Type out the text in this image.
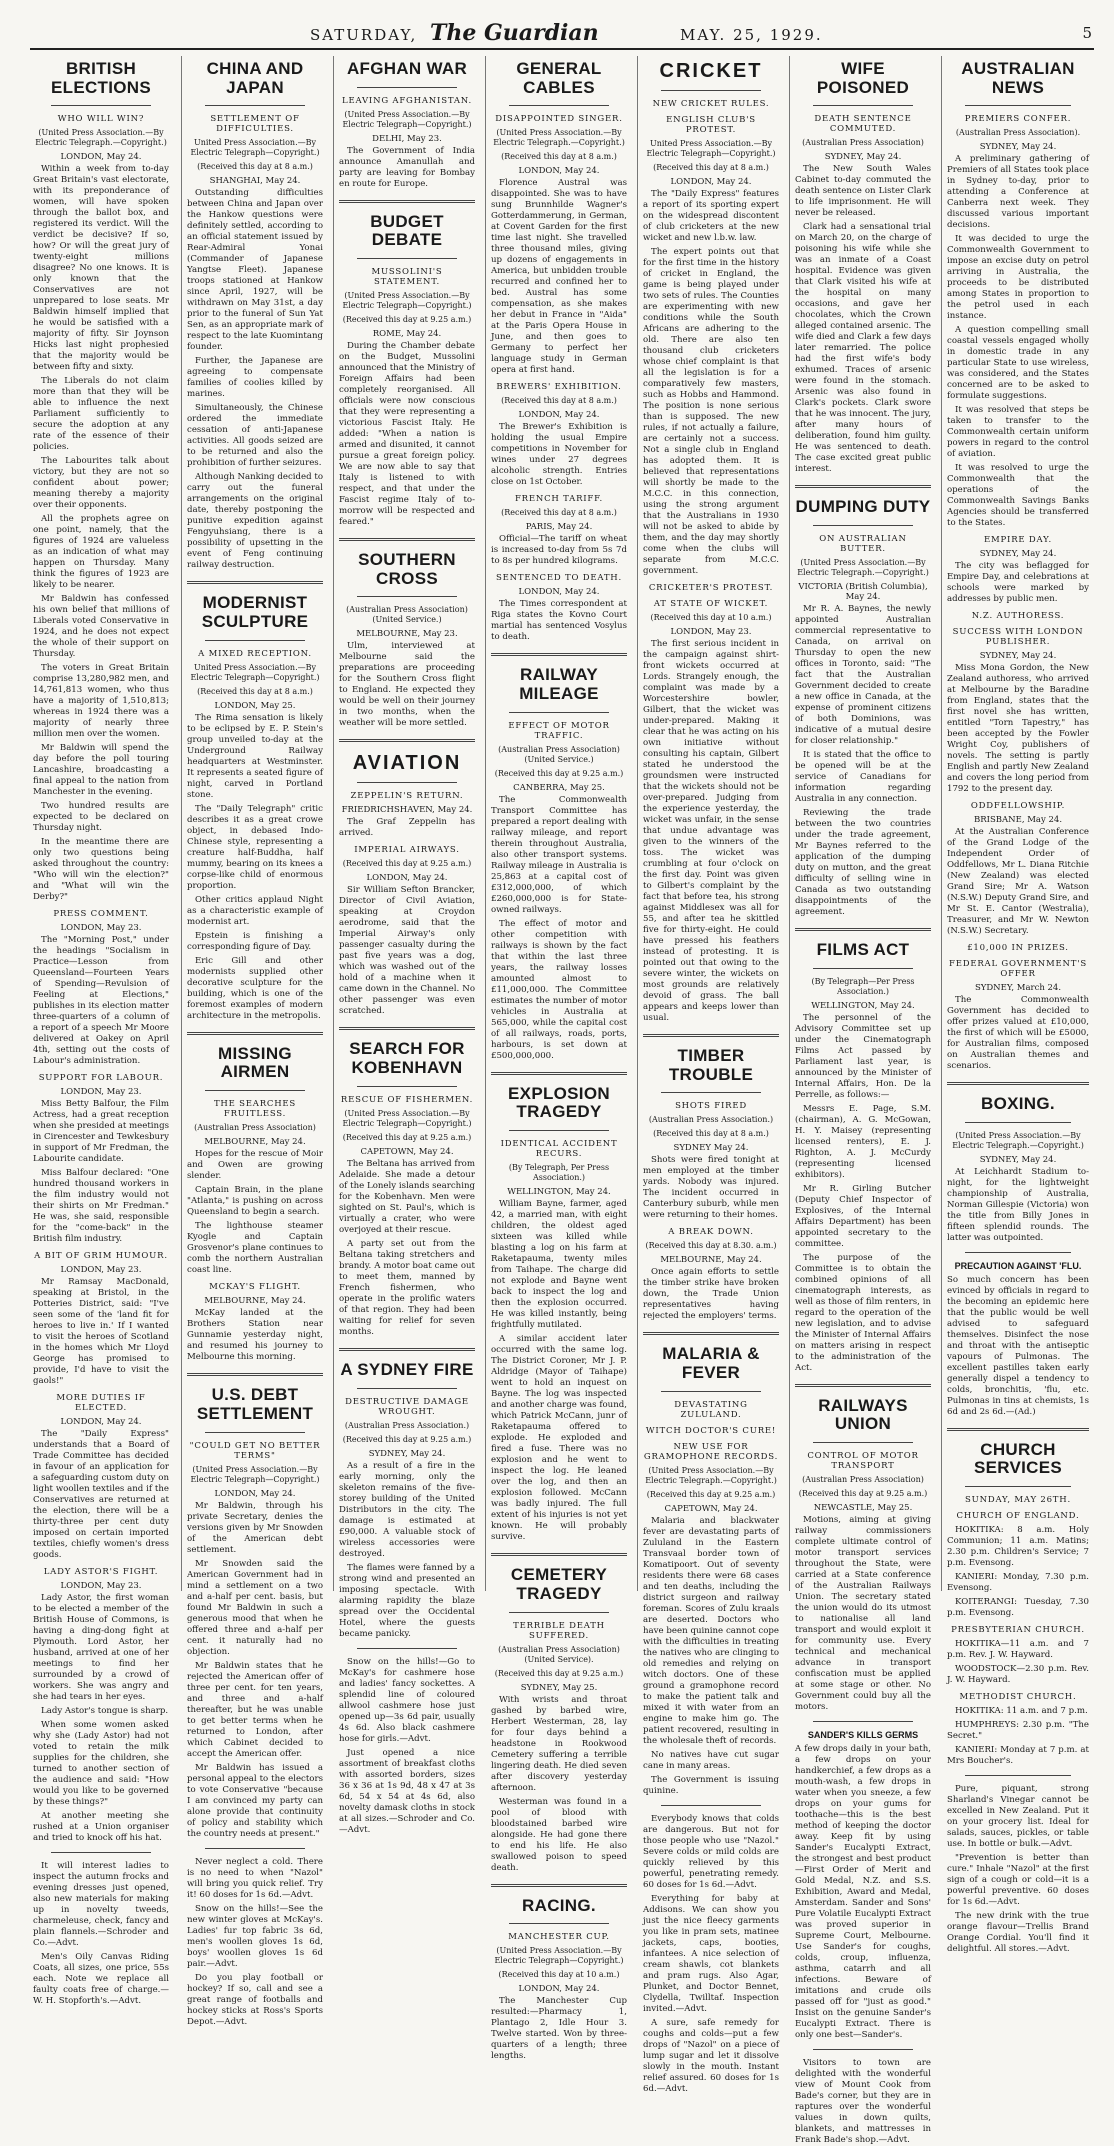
SATURDAY, The Guardian	MAY. 25, 1929.	5
BRITISH ELECTIONS
WHO WILL WIN?
(United Press Association.—By Electric Telegraph.—Copyright.)
LONDON, May 24.

Within a week from to-day Great Britain's vast electorate, with its preponderance of women, will have spoken through the ballot box, and registered its verdict. Will the verdict be decisive? If so, how? Or will the great jury of twenty-eight millions disagree? No one knows. It is only known that the Conservatives are not unprepared to lose seats. Mr Baldwin himself implied that he would be satisfied with a majority of fifty. Sir Joynson Hicks last night prophesied that the majority would be between fifty and sixty.

The Liberals do not claim more than that they will be able to influence the next Parliament sufficiently to secure the adoption at any rate of the essence of their policies.

The Labourites talk about victory, but they are not so confident about power; meaning thereby a majority over their opponents.

All the prophets agree on one point, namely, that the figures of 1924 are valueless as an indication of what may happen on Thursday. Many think the figures of 1923 are likely to be nearer.

Mr Baldwin has confessed his own belief that millions of Liberals voted Conservative in 1924, and he does not expect the whole of their support on Thursday.

The voters in Great Britain comprise 13,280,982 men, and 14,761,813 women, who thus have a majority of 1,510,813; whereas in 1924 there was a majority of nearly three million men over the women.

Mr Baldwin will spend the day before the poll touring Lancashire, broadcasting a final appeal to the nation from Manchester in the evening.

Two hundred results are expected to be declared on Thursday night.

In the meantime there are only two questions being asked throughout the country: "Who will win the election?" and "What will win the Derby?"

PRESS COMMENT.
LONDON, May 23.

The "Morning Post," under the headings "Socialism in Practice—Lesson from Queensland—Fourteen Years of Spending—Revulsion of Feeling at Elections," publishes in its election matter three-quarters of a column of a report of a speech Mr Moore delivered at Oakey on April 4th, setting out the costs of Labour's administration.

SUPPORT FOR LABOUR.
LONDON, May 23.

Miss Betty Balfour, the Film Actress, had a great reception when she presided at meetings in Cirencester and Tewkesbury in support of Mr Fredman, the Labourite candidate.

Miss Balfour declared: "One hundred thousand workers in the film industry would not their shirts on Mr Fredman." He was, she said, responsible for the "come-back" in the British film industry.

A BIT OF GRIM HUMOUR.
LONDON, May 23.

Mr Ramsay MacDonald, speaking at Bristol, in the Potteries District, said: "I've seen some of the 'land fit for heroes to live in.' If I wanted to visit the heroes of Scotland in the homes which Mr Lloyd George has promised to provide, I'd have to visit the gaols!"

MORE DUTIES IF ELECTED.
LONDON, May 24.

The "Daily Express" understands that a Board of Trade Committee has decided in favour of an application for a safeguarding custom duty on light woollen textiles and if the Conservatives are returned at the election, there will be a thirty-three per cent duty imposed on certain imported textiles, chiefly women's dress goods.

LADY ASTOR'S FIGHT.
LONDON, May 23.

Lady Astor, the first woman to be elected a member of the British House of Commons, is having a ding-dong fight at Plymouth. Lord Astor, her husband, arrived at one of her meetings to find her surrounded by a crowd of workers. She was angry and she had tears in her eyes.

Lady Astor's tongue is sharp.

When some women asked why she (Lady Astor) had not voted to retain the milk supplies for the children, she turned to another section of the audience and said: "How would you like to be governed by these things?"

At another meeting she rushed at a Union organiser and tried to knock off his hat.

It will interest ladies to inspect the autumn frocks and evening dresses just opened, also new materials for making up in novelty tweeds, charmeleuse, check, fancy and plain flannels.—Schroder and Co.—Advt.

Men's Oily Canvas Riding Coats, all sizes, one price, 55s each. Note we replace all faulty coats free of charge.—W. H. Stopforth's.—Advt.

CHINA AND JAPAN
SETTLEMENT OF DIFFICULTIES.
United Press Association.—By Electric Telegraph—Copyright.)
(Received this day at 8 a.m.)
SHANGHAI, May 24.

Outstanding difficulties between China and Japan over the Hankow questions were definitely settled, according to an official statement issued by Rear-Admiral Yonai (Commander of Japanese Yangtse Fleet). Japanese troops stationed at Hankow since April, 1927, will be withdrawn on May 31st, a day prior to the funeral of Sun Yat Sen, as an appropriate mark of respect to the late Kuomintang founder.

Further, the Japanese are agreeing to compensate families of coolies killed by marines.

Simultaneously, the Chinese ordered the immediate cessation of anti-Japanese activities. All goods seized are to be returned and also the prohibition of further seizures.

Although Nanking decided to carry out the funeral arrangements on the original date, thereby postponing the punitive expedition against Fengyuhsiang, there is a possibility of upsetting in the event of Feng continuing railway destruction.

MODERNIST SCULPTURE
A MIXED RECEPTION.
United Press Association.—By Electric Telegraph—Copyright.)
(Received this day at 8 a.m.)
LONDON, May 25.

The Rima sensation is likely to be eclipsed by E. P. Stein's group unveiled to-day at the Underground Railway headquarters at Westminster. It represents a seated figure of night, carved in Portland stone.

The "Daily Telegraph" critic describes it as a great crowe object, in debased Indo-Chinese style, representing a creature half-Buddha, half mummy, bearing on its knees a corpse-like child of enormous proportion.

Other critics applaud Night as a characteristic example of modernist art.

Epstein is finishing a corresponding figure of Day.

Eric Gill and other modernists supplied other decorative sculpture for the building, which is one of the foremost examples of modern architecture in the metropolis.

MISSING AIRMEN
THE SEARCHES FRUITLESS.
(Australian Press Association)
MELBOURNE, May 24.

Hopes for the rescue of Moir and Owen are growing slender.

Captain Brain, in the plane "Atlanta," is pushing on across Queensland to begin a search.

The lighthouse steamer Kyogle and Captain Grosvenor's plane continues to comb the northern Australian coast line.

MCKAY'S FLIGHT.
MELBOURNE, May 24.

McKay landed at the Brothers Station near Gunnamie yesterday night, and resumed his journey to Melbourne this morning.

U.S. DEBT SETTLEMENT
"COULD GET NO BETTER TERMS"
(United Press Association.—By Electric Telegraph—Copyright.)
LONDON, May 24.

Mr Baldwin, through his private Secretary, denies the versions given by Mr Snowden of the American debt settlement.

Mr Snowden said the American Government had in mind a settlement on a two and a-half per cent. basis, but found Mr Baldwin in such a generous mood that when he offered three and a-half per cent. it naturally had no objection.

Mr Baldwin states that he rejected the American offer of three per cent. for ten years, and three and a-half thereafter, but he was unable to get better terms when he returned to London, after which Cabinet decided to accept the American offer.

Mr Baldwin has issued a personal appeal to the electors to vote Conservative "because I am convinced my party can alone provide that continuity of policy and stability which the country needs at present."

Never neglect a cold. There is no need to when "Nazol" will bring you quick relief. Try it! 60 doses for 1s 6d.—Advt.

Snow on the hills!—See the new winter gloves at McKay's. Ladies' fur top fabric 3s 6d, men's woollen gloves 1s 6d, boys' woollen gloves 1s 6d pair.—Advt.

Do you play football or hockey? If so, call and see a great range of footballs and hockey sticks at Ross's Sports Depot.—Advt.

AFGHAN WAR
LEAVING AFGHANISTAN.
(United Press Association.—By Electric Telegraph—Copyright.)
DELHI, May 23.

The Government of India announce Amanullah and party are leaving for Bombay en route for Europe.

BUDGET DEBATE
MUSSOLINI'S STATEMENT.
(United Press Association.—By Electric Telegraph—Copyright.)
(Received this day at 9.25 a.m.)
ROME, May 24.

During the Chamber debate on the Budget, Mussolini announced that the Ministry of Foreign Affairs had been completely reorganised. All officials were now conscious that they were representing a victorious Fascist Italy. He added: "When a nation is armed and disunited, it cannot pursue a great foreign policy. We are now able to say that Italy is listened to with respect, and that under the Fascist regime Italy of to-morrow will be respected and feared."

SOUTHERN CROSS
(Australian Press Association) (United Service.)
MELBOURNE, May 23.

Ulm, interviewed at Melbourne said the preparations are proceeding for the Southern Cross flight to England. He expected they would be well on their journey in two months, when the weather will be more settled.

AVIATION
ZEPPELIN'S RETURN.
FRIEDRICHSHAVEN, May 24.

The Graf Zeppelin has arrived.

IMPERIAL AIRWAYS.
(Received this day at 9.25 a.m.)
LONDON, May 24.

Sir William Sefton Brancker, Director of Civil Aviation, speaking at Croydon aerodrome, said that the Imperial Airway's only passenger casualty during the past five years was a dog, which was washed out of the hold of a machine when it came down in the Channel. No other passenger was even scratched.

SEARCH FOR KOBENHAVN
RESCUE OF FISHERMEN.
(United Press Association.—By Electric Telegraph—Copyright.)
(Received this day at 9.25 a.m.)
CAPETOWN, May 24.

The Beltana has arrived from Adelaide. She made a detour of the Lonely islands searching for the Kobenhavn. Men were sighted on St. Paul's, which is virtually a crater, who were overjoyed at their rescue.

A party set out from the Beltana taking stretchers and brandy. A motor boat came out to meet them, manned by French fishermen, who operate in the prolific waters of that region. They had been waiting for relief for seven months.

A SYDNEY FIRE
DESTRUCTIVE DAMAGE WROUGHT.
(Australian Press Association.)
(Received this day at 9.25 a.m.)
SYDNEY, May 24.

As a result of a fire in the early morning, only the skeleton remains of the five-storey building of the United Distributors in the city. The damage is estimated at £90,000. A valuable stock of wireless accessories were destroyed.

The flames were fanned by a strong wind and presented an imposing spectacle. With alarming rapidity the blaze spread over the Occidental Hotel, where the guests became panicky.

Snow on the hills!—Go to McKay's for cashmere hose and ladies' fancy sockettes. A splendid line of coloured allwool cashmere hose just opened up—3s 6d pair, usually 4s 6d. Also black cashmere hose for girls.—Advt.

Just opened a nice assortment of breakfast cloths with assorted borders, sizes 36 x 36 at 1s 9d, 48 x 47 at 3s 6d, 54 x 54 at 4s 6d, also novelty damask cloths in stock at all sizes.—Schroder and Co.—Advt.

GENERAL CABLES
DISAPPOINTED SINGER.
(United Press Association.—By Electric Telegraph.—Copyright.)
(Received this day at 8 a.m.)
LONDON, May 24.

Florence Austral was disappointed. She was to have sung Brunnhilde Wagner's Gotterdammerung, in German, at Covent Garden for the first time last night. She travelled three thousand miles, giving up dozens of engagements in America, but unbidden trouble recurred and confined her to bed. Austral has some compensation, as she makes her debut in France in "Aida" at the Paris Opera House in June, and then goes to Germany to perfect her language study in German opera at first hand.

BREWERS' EXHIBITION.
(Received this day at 8 a.m.)
LONDON, May 24.

The Brewer's Exhibition is holding the usual Empire competitions in November for wines under 27 degrees alcoholic strength. Entries close on 1st October.

FRENCH TARIFF.
(Received this day at 8 a.m.)
PARIS, May 24.

Official—The tariff on wheat is increased to-day from 5s 7d to 8s per hundred kilograms.

SENTENCED TO DEATH.
LONDON, May 24.

The Times correspondent at Riga states the Kovno Court martial has sentenced Vosylus to death.

RAILWAY MILEAGE
EFFECT OF MOTOR TRAFFIC.
(Australian Press Association) (United Service.)
(Received this day at 9.25 a.m.)
CANBERRA, May 25.

The Commonwealth Transport Committee has prepared a report dealing with railway mileage, and report therein throughout Australia, also other transport systems. Railway mileage in Australia is 25,863 at a capital cost of £312,000,000, of which £260,000,000 is for State-owned railways.

The effect of motor and other competition with railways is shown by the fact that within the last three years, the railway losses amounted almost to £11,000,000. The Committee estimates the number of motor vehicles in Australia at 565,000, while the capital cost of all railways, roads, ports, harbours, is set down at £500,000,000.

EXPLOSION TRAGEDY
IDENTICAL ACCIDENT RECURS.
(By Telegraph, Per Press Association.)
WELLINGTON, May 24.

William Bayne, farmer, aged 42, a married man, with eight children, the oldest aged sixteen was killed while blasting a log on his farm at Raketapauma, twenty miles from Taihape. The charge did not explode and Bayne went back to inspect the log and then the explosion occurred. He was killed instantly, being frightfully mutilated.

A similar accident later occurred with the same log. The District Coroner, Mr J. P. Aldridge (Mayor of Taihape) went to hold an inquest on Bayne. The log was inspected and another charge was found, which Patrick McCann, junr of Raketapauma offered to explode. He exploded and fired a fuse. There was no explosion and he went to inspect the log. He leaned over the log, and then an explosion followed. McCann was badly injured. The full extent of his injuries is not yet known. He will probably survive.

CEMETERY TRAGEDY
TERRIBLE DEATH SUFFERED.
(Australian Press Association) (United Service).
(Received this day at 9.25 a.m.)
SYDNEY, May 25.

With wrists and throat gashed by barbed wire, Herbert Westerman, 28, lay for four days behind a headstone in Rookwood Cemetery suffering a terrible lingering death. He died seven after discovery yesterday afternoon.

Westerman was found in a pool of blood with bloodstained barbed wire alongside. He had gone there to end his life. He also swallowed poison to speed death.

RACING.
MANCHESTER CUP.
(United Press Association.—By Electric Telegraph—Copyright.)
(Received this day at 10 a.m.)
LONDON, May 24.

The Manchester Cup resulted:—Pharmacy 1, Plantago 2, Idle Hour 3. Twelve started. Won by three-quarters of a length; three lengths.

CRICKET
NEW CRICKET RULES.
ENGLISH CLUB'S PROTEST.
United Press Association.—By Electric Telegraph—Copyright.)
(Received this day at 8 a.m.)
LONDON, May 24.

The "Daily Express" features a report of its sporting expert on the widespread discontent of club cricketers at the new wicket and new l.b.w. law.

The expert points out that for the first time in the history of cricket in England, the game is being played under two sets of rules. The Counties are experimenting with new conditions while the South Africans are adhering to the old. There are also ten thousand club cricketers whose chief complaint is that all the legislation is for a comparatively few masters, such as Hobbs and Hammond. The position is none serious than is supposed. The new rules, if not actually a failure, are certainly not a success. Not a single club in England has adopted them. It is believed that representations will shortly be made to the M.C.C. in this connection, using the strong argument that the Australians in 1930 will not be asked to abide by them, and the day may shortly come when the clubs will separate from M.C.C. government.

CRICKETER'S PROTEST.
AT STATE OF WICKET.
(Received this day at 10 a.m.)
LONDON, May 23.

The first serious incident in the campaign against shirt-front wickets occurred at Lords. Strangely enough, the complaint was made by a Worcestershire bowler, Gilbert, that the wicket was under-prepared. Making it clear that he was acting on his own initiative without consulting his captain, Gilbert stated he understood the groundsmen were instructed that the wickets should not be over-prepared. Judging from the experience yesterday, the wicket was unfair, in the sense that undue advantage was given to the winners of the toss. The wicket was crumbling at four o'clock on the first day. Point was given to Gilbert's complaint by the fact that before tea, his strong against Middlesex was all for 55, and after tea he skittled five for thirty-eight. He could have pressed his feathers instead of protesting. It is pointed out that owing to the severe winter, the wickets on most grounds are relatively devoid of grass. The ball appears and keeps lower than usual.

TIMBER TROUBLE
SHOTS FIRED
(Australian Press Association.)
(Received this day at 8 a.m.)
SYDNEY May 24.

Shots were fired tonight at men employed at the timber yards. Nobody was injured. The incident occurred in Canterbury suburb, while men were returning to their homes.

A BREAK DOWN.
(Received this day at 8.30. a.m.)
MELBOURNE, May 24.

Once again efforts to settle the timber strike have broken down, the Trade Union representatives having rejected the employers' terms.

MALARIA & FEVER
DEVASTATING ZULULAND.
WITCH DOCTOR'S CURE!
NEW USE FOR GRAMOPHONE RECORDS.
(United Press Association.—By Electric Telegraph.—Copyright.)
(Received this day at 9.25 a.m.)
CAPETOWN, May 24.

Malaria and blackwater fever are devastating parts of Zululand in the Eastern Transvaal border town of Komatipoort. Out of seventy residents there were 68 cases and ten deaths, including the district surgeon and railway foreman. Scores of Zulu kraals are deserted. Doctors who have been quinine cannot cope with the difficulties in treating the natives who are clinging to old remedies and relying on witch doctors. One of these ground a gramophone record to make the patient talk and mixed it with water from an engine to make him go. The patient recovered, resulting in the wholesale theft of records.

No natives have cut sugar cane in many areas.

The Government is issuing quinine.

Everybody knows that colds are dangerous. But not for those people who use "Nazol." Severe colds or mild colds are quickly relieved by this powerful, penetrating remedy. 60 doses for 1s 6d.—Advt.

Everything for baby at Addisons. We can show you just the nice fleecy garments you like in pram sets, matinee jackets, caps, booties, infantees. A nice selection of cream shawls, cot blankets and pram rugs. Also Agar, Plunket, and Doctor Bennet, Clydella, Twilltaf. Inspection invited.—Advt.

A sure, safe remedy for coughs and colds—put a few drops of "Nazol" on a piece of lump sugar and let it dissolve slowly in the mouth. Instant relief assured. 60 doses for 1s 6d.—Advt.

WIFE POISONED
DEATH SENTENCE COMMUTED.
(Australian Press Association)
SYDNEY, May 24.

The New South Wales Cabinet to-day commuted the death sentence on Lister Clark to life imprisonment. He will never be released.

Clark had a sensational trial on March 20, on the charge of poisoning his wife while she was an inmate of a Coast hospital. Evidence was given that Clark visited his wife at the hospital on many occasions, and gave her chocolates, which the Crown alleged contained arsenic. The wife died and Clark a few days later remarried. The police had the first wife's body exhumed. Traces of arsenic were found in the stomach. Arsenic was also found in Clark's pockets. Clark swore that he was innocent. The jury, after many hours of deliberation, found him guilty. He was sentenced to death. The case excited great public interest.

DUMPING DUTY
ON AUSTRALIAN BUTTER.
(United Press Association.—By Electric Telegraph.—Copyright.)
VICTORIA (British Columbia), May 24.

Mr R. A. Baynes, the newly appointed Australian commercial representative to Canada, on arrival on Thursday to open the new offices in Toronto, said: "The fact that the Australian Government decided to create a new office in Canada, at the expense of prominent citizens of both Dominions, was indicative of a mutual desire for closer relationship."

It is stated that the office to be opened will be at the service of Canadians for information regarding Australia in any connection.

Reviewing the trade between the two countries under the trade agreement, Mr Baynes referred to the application of the dumping duty on mutton, and the great difficulty of selling wine in Canada as two outstanding disappointments of the agreement.

FILMS ACT
(By Telegraph—Per Press Association.)
WELLINGTON, May 24.

The personnel of the Advisory Committee set up under the Cinematograph Films Act passed by Parliament last year, is announced by the Minister of Internal Affairs, Hon. De la Perrelle, as follows:—

Messrs E. Page, S.M. (chairman), A. G. McGowan, H. Y. Maisey (representing licensed renters), E. J. Righton, A. J. McCurdy (representing licensed exhibitors).

Mr R. Girling Butcher (Deputy Chief Inspector of Explosives, of the Internal Affairs Department) has been appointed secretary to the committee.

The purpose of the Committee is to obtain the combined opinions of all cinematograph interests, as well as those of film renters, in regard to the operation of the new legislation, and to advise the Minister of Internal Affairs on matters arising in respect to the administration of the Act.

RAILWAYS UNION
CONTROL OF MOTOR TRANSPORT
(Australian Press Association)
(Received this day at 9.25 a.m.)
NEWCASTLE, May 25.

Motions, aiming at giving railway commissioners complete ultimate control of motor transport services throughout the State, were carried at a State conference of the Australian Railways Union. The secretary stated the union would do its utmost to nationalise all land transport and would exploit it for community use. Every technical and mechanical advance in transport confiscation must be applied at some stage or other. No Government could buy all the motors.

SANDER'S KILLS GERMS
A few drops daily in your bath, a few drops on your handkerchief, a few drops as a mouth-wash, a few drops in water when you sneeze, a few drops on your gums for toothache—this is the best method of keeping the doctor away. Keep fit by using Sander's Eucalypti Extract, the strongest and best product—First Order of Merit and Gold Medal, N.Z. and S.S. Exhibition, Award and Medal, Amsterdam. Sander and Sons' Pure Volatile Eucalypti Extract was proved superior in Supreme Court, Melbourne. Use Sander's for coughs, colds, croup, influenza, asthma, catarrh and all infections. Beware of imitations and crude oils passed off for "just as good." Insist on the genuine Sander's Eucalypti Extract. There is only one best—Sander's.

Visitors to town are delighted with the wonderful view of Mount Cook from Bade's corner, but they are in raptures over the wonderful values in down quilts, blankets, and mattresses in Frank Bade's shop.—Advt.

AUSTRALIAN NEWS
PREMIERS CONFER.
(Australian Press Association).
SYDNEY, May 24.

A preliminary gathering of Premiers of all States took place in Sydney to-day, prior to attending a Conference at Canberra next week. They discussed various important decisions.

It was decided to urge the Commonwealth Government to impose an excise duty on petrol arriving in Australia, the proceeds to be distributed among States in proportion to the petrol used in each instance.

A question compelling small coastal vessels engaged wholly in domestic trade in any particular State to use wireless, was considered, and the States concerned are to be asked to formulate suggestions.

It was resolved that steps be taken to transfer to the Commonwealth certain uniform powers in regard to the control of aviation.

It was resolved to urge the Commonwealth that the operations of the Commonwealth Savings Banks Agencies should be transferred to the States.

EMPIRE DAY.
SYDNEY, May 24.

The city was beflagged for Empire Day, and celebrations at schools were marked by addresses by public men.

N.Z. AUTHORESS.
SUCCESS WITH LONDON PUBLISHER.
SYDNEY, May 24.

Miss Mona Gordon, the New Zealand authoress, who arrived at Melbourne by the Baradine from England, states that the first novel she has written, entitled "Torn Tapestry," has been accepted by the Fowler Wright Coy, publishers of novels. The setting is partly English and partly New Zealand and covers the long period from 1792 to the present day.

ODDFELLOWSHIP.
BRISBANE, May 24.

At the Australian Conference of the Grand Lodge of the Independent Order of Oddfellows, Mr L. Diana Ritchie (New Zealand) was elected Grand Sire; Mr A. Watson (N.S.W.) Deputy Grand Sire, and Mr St. E. Cantor (Westralia), Treasurer, and Mr W. Newton (N.S.W.) Secretary.

£10,000 IN PRIZES.
FEDERAL GOVERNMENT'S OFFER
SYDNEY, March 24.

The Commonwealth Government has decided to offer prizes valued at £10,000, the first of which will be £5000, for Australian films, composed on Australian themes and scenarios.

BOXING.
(United Press Association.—By Electric Telegraph.—Copyright.)
SYDNEY, May 24.

At Leichhardt Stadium to-night, for the lightweight championship of Australia, Norman Gillespie (Victoria) won the title from Billy Jones in fifteen splendid rounds. The latter was outpointed.

PRECAUTION AGAINST 'FLU.
So much concern has been evinced by officials in regard to the becoming an epidemic here that the public would be well advised to safeguard themselves. Disinfect the nose and throat with the antiseptic vapours of Pulmonas. The excellent pastilles taken early generally dispel a tendency to colds, bronchitis, 'flu, etc. Pulmonas in tins at chemists, 1s 6d and 2s 6d.—(Ad.)
CHURCH SERVICES
SUNDAY, MAY 26TH.
CHURCH OF ENGLAND.

HOKITIKA: 8 a.m. Holy Communion; 11 a.m. Matins; 2.30 p.m. Children's Service; 7 p.m. Evensong.

KANIERI: Monday, 7.30 p.m. Evensong.

KOITERANGI: Tuesday, 7.30 p.m. Evensong.

PRESBYTERIAN CHURCH.

HOKITIKA—11 a.m. and 7 p.m. Rev. J. W. Hayward.

WOODSTOCK—2.30 p.m. Rev. J. W. Hayward.

METHODIST CHURCH.

HOKITIKA: 11 a.m. and 7 p.m.

HUMPHREYS: 2.30 p.m. "The Secret."

KANIERI: Monday at 7 p.m. at Mrs Boucher's.

Pure, piquant, strong Sharland's Vinegar cannot be excelled in New Zealand. Put it on your grocery list. Ideal for salads, sauces, pickles, or table use. In bottle or bulk.—Advt.

"Prevention is better than cure." Inhale "Nazol" at the first sign of a cough or cold—it is a powerful preventive. 60 doses for 1s 6d.—Advt.

The new drink with the true orange flavour—Trellis Brand Orange Cordial. You'll find it delightful. All stores.—Advt.
